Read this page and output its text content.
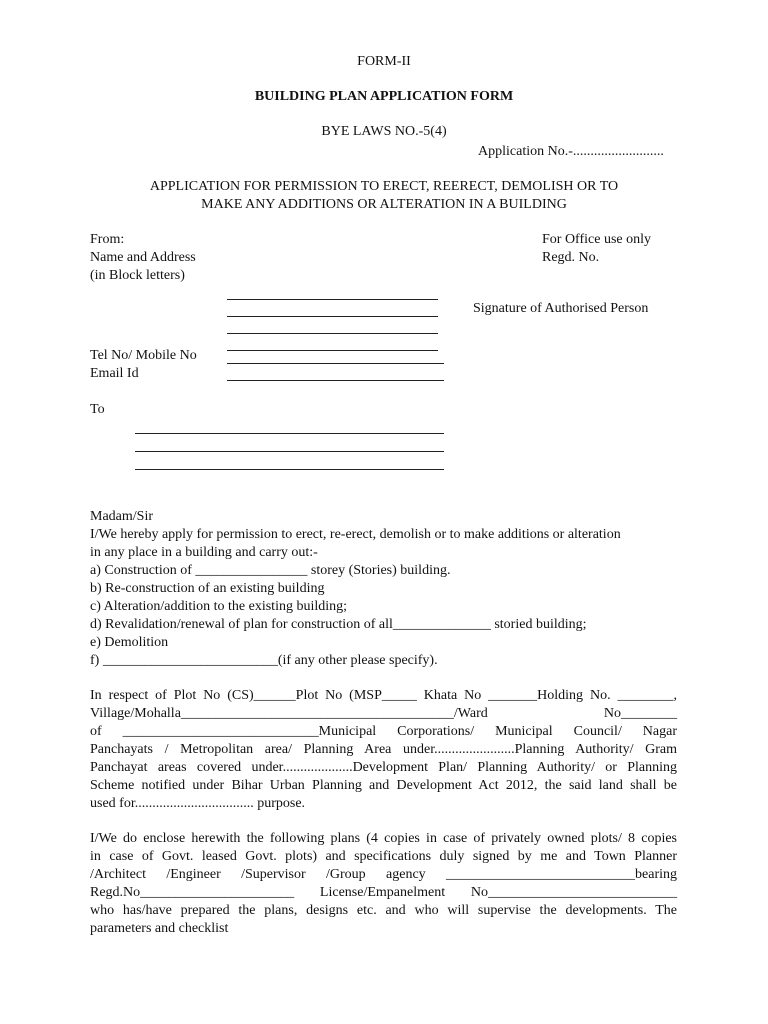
FORM-II
BUILDING PLAN APPLICATION FORM
BYE LAWS NO.-5(4)
Application No.-..........................
APPLICATION FOR PERMISSION TO ERECT, REERECT, DEMOLISH OR TO
MAKE ANY ADDITIONS OR ALTERATION IN A BUILDING
From:
Name and Address
(in Block letters)
For Office use only
Regd. No.
Signature of Authorised Person
Tel No/ Mobile No
Email Id
To
Madam/Sir

I/We hereby apply for permission to erect, re-erect, demolish or to make additions or alteration

in any place in a building and carry out:-

a) Construction of ________________ storey (Stories) building.

b) Re-construction of an existing building

c) Alteration/addition to the existing building;

d) Revalidation/renewal of plan for construction of all______________ storied building;

e) Demolition

f) _________________________(if any other please specify).

In respect of Plot No (CS)______Plot No (MSP_____ Khata No _______Holding No. ________,

Village/Mohalla_______________________________________/Ward No________

of ____________________________Municipal Corporations/ Municipal Council/ Nagar

Panchayats / Metropolitan area/ Planning Area under.......................Planning Authority/ Gram

Panchayat areas covered under....................Development Plan/ Planning Authority/ or Planning

Scheme notified under Bihar Urban Planning and Development Act 2012, the said land shall be

used for.................................. purpose.

I/We do enclose herewith the following plans (4 copies in case of privately owned plots/ 8 copies

in case of Govt. leased Govt. plots) and specifications duly signed by me and Town Planner

/Architect /Engineer /Supervisor /Group agency ___________________________bearing

Regd.No______________________ License/Empanelment No___________________________

who has/have prepared the plans, designs etc. and who will supervise the developments. The

parameters and checklist
